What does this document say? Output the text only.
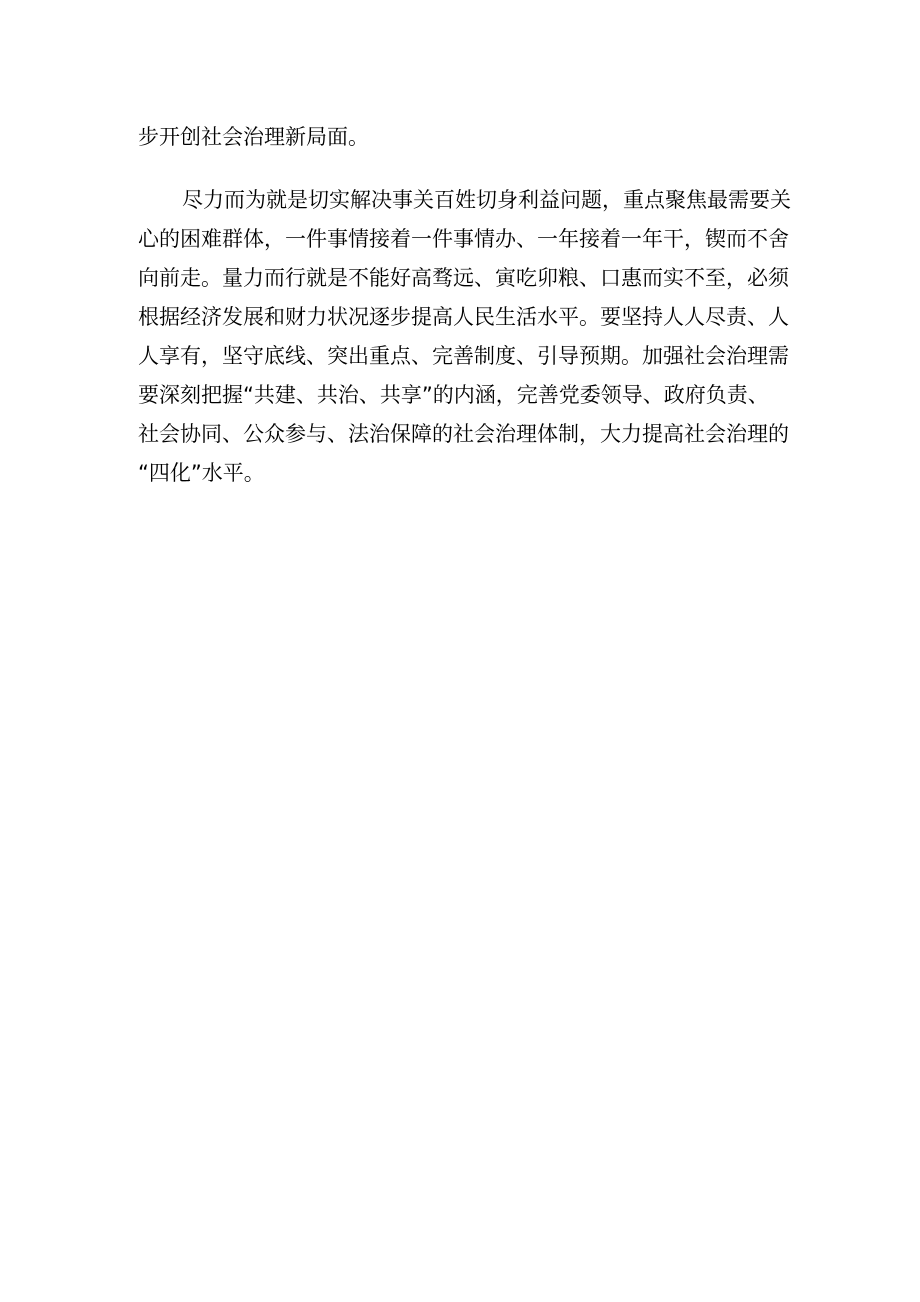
步开创社会治理新局面。
尽力而为就是切实解决事关百姓切身利益问题，重点聚焦最需要关
心的困难群体，一件事情接着一件事情办、一年接着一年干，锲而不舍
向前走。量力而行就是不能好高骛远、寅吃卯粮、口惠而实不至，必须
根据经济发展和财力状况逐步提高人民生活水平。要坚持人人尽责、人
人享有，坚守底线、突出重点、完善制度、引导预期。加强社会治理需
要深刻把握“共建、共治、共享”的内涵，完善党委领导、政府负责、
社会协同、公众参与、法治保障的社会治理体制，大力提高社会治理的
“四化”水平。
